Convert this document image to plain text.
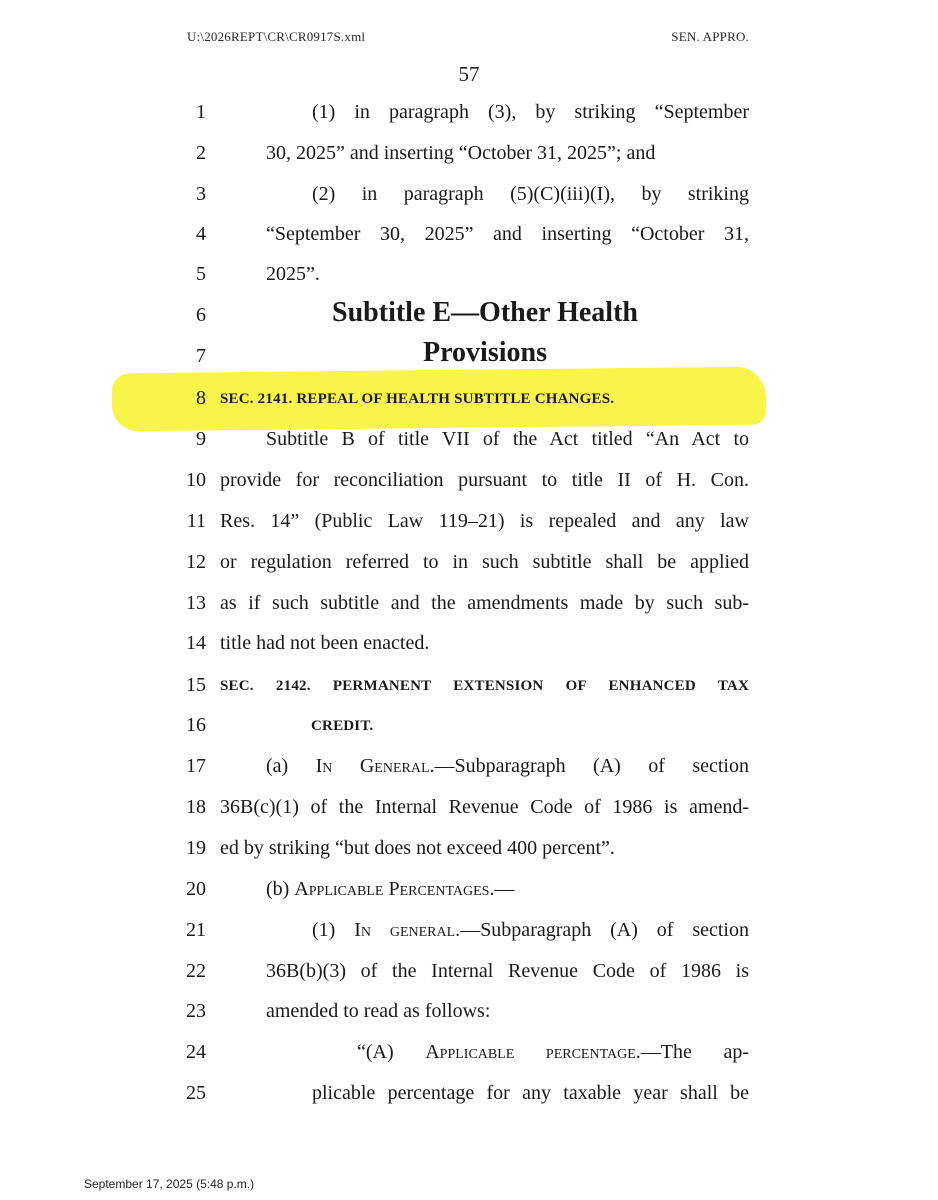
U:\2026REPT\CR\CR0917S.xml	SEN. APPRO.
57
1	(1) in paragraph (3), by striking “September
2	30, 2025” and inserting “October 31, 2025”; and
3	(2) in paragraph (5)(C)(iii)(I), by striking
4	“September 30, 2025” and inserting “October 31,
5	2025”.
6	Subtitle E—Other Health
7	Provisions
8 SEC. 2141. REPEAL OF HEALTH SUBTITLE CHANGES.
9	Subtitle B of title VII of the Act titled “An Act to
10 provide for reconciliation pursuant to title II of H. Con.
11 Res. 14” (Public Law 119–21) is repealed and any law
12 or regulation referred to in such subtitle shall be applied
13 as if such subtitle and the amendments made by such sub-
14 title had not been enacted.
15 SEC. 2142. PERMANENT EXTENSION OF ENHANCED TAX
16	CREDIT.
17	(a) In General.—Subparagraph (A) of section
18 36B(c)(1) of the Internal Revenue Code of 1986 is amend-
19 ed by striking “but does not exceed 400 percent”.
20	(b) Applicable Percentages.—
21	(1) In general.—Subparagraph (A) of section
22	36B(b)(3) of the Internal Revenue Code of 1986 is
23	amended to read as follows:
24	“(A) Applicable percentage.—The ap-
25	plicable percentage for any taxable year shall be
September 17, 2025 (5:48 p.m.)
